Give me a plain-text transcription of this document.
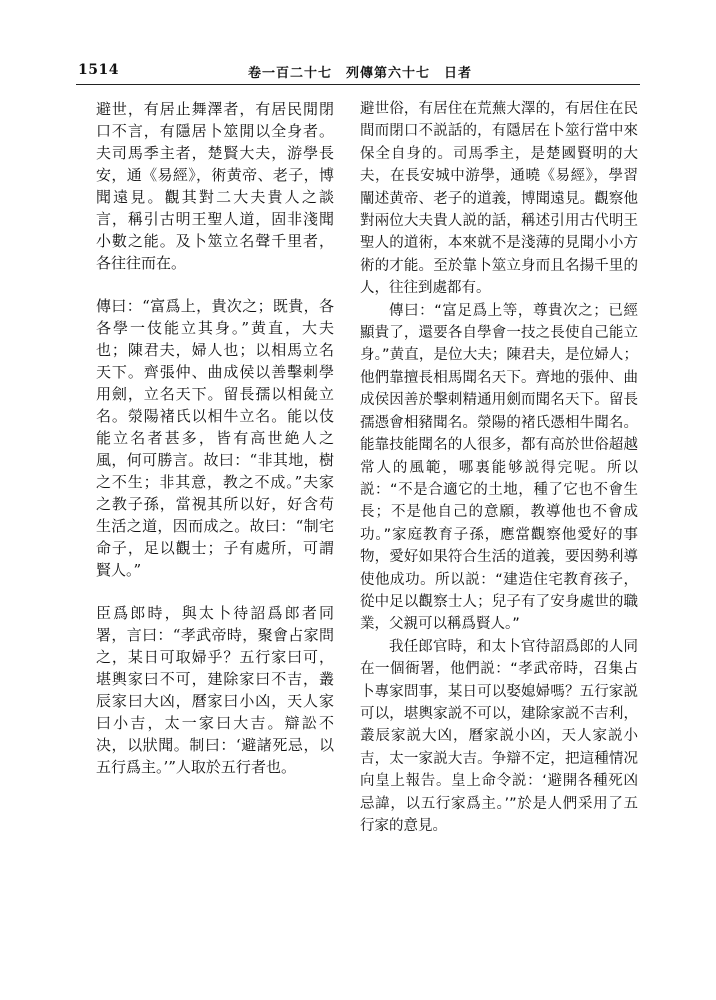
1514	卷一百二十七　列傳第六十七　日者

避世，有居止舞澤者，有居民閒閉口不言，有隱居卜筮閒以全身者。夫司馬季主者，楚賢大夫，游學長安，通《易經》，術黄帝、老子，博聞遠見。觀其對二大夫貴人之談言，稱引古明王聖人道，固非淺聞小數之能。及卜筮立名聲千里者，各往往而在。

傳曰：“富爲上，貴次之；既貴，各各學一伎能立其身。”黄直，大夫也；陳君夫，婦人也；以相馬立名天下。齊張仲、曲成侯以善擊刺學用劍，立名天下。留長孺以相彘立名。滎陽褚氏以相牛立名。能以伎能立名者甚多，皆有高世絶人之風，何可勝言。故曰：“非其地，樹之不生；非其意，教之不成。”夫家之教子孫，當視其所以好，好含苟生活之道，因而成之。故曰：“制宅命子，足以觀士；子有處所，可謂賢人。”

臣爲郎時，與太卜待詔爲郎者同署，言曰：“孝武帝時，聚會占家問之，某日可取婦乎？五行家曰可，堪輿家曰不可，建除家曰不吉，叢辰家曰大凶，曆家曰小凶，天人家曰小吉，太一家曰大吉。辯訟不决，以狀聞。制曰：‘避諸死忌，以五行爲主。’”人取於五行者也。

避世俗，有居住在荒蕪大澤的，有居住在民間而閉口不説話的，有隱居在卜筮行當中來保全自身的。司馬季主，是楚國賢明的大夫，在長安城中游學，通曉《易經》，學習闡述黄帝、老子的道義，博聞遠見。觀察他對兩位大夫貴人説的話，稱述引用古代明王聖人的道術，本來就不是淺薄的見聞小小方術的才能。至於靠卜筮立身而且名揚千里的人，往往到處都有。

傳曰：“富足爲上等，尊貴次之；已經顯貴了，還要各自學會一技之長使自己能立身。”黄直，是位大夫；陳君夫，是位婦人；他們靠擅長相馬聞名天下。齊地的張仲、曲成侯因善於擊刺精通用劍而聞名天下。留長孺憑會相豬聞名。滎陽的褚氏憑相牛聞名。能靠技能聞名的人很多，都有高於世俗超越常人的風範，哪裏能够説得完呢。所以説：“不是合適它的土地，種了它也不會生長；不是他自己的意願，教導他也不會成功。”家庭教育子孫，應當觀察他愛好的事物，愛好如果符合生活的道義，要因勢利導使他成功。所以説：“建造住宅教育孩子，從中足以觀察士人；兒子有了安身處世的職業，父親可以稱爲賢人。”

我任郎官時，和太卜官待詔爲郎的人同在一個衙署，他們説：“孝武帝時，召集占卜專家問事，某日可以娶媳婦嗎？五行家説可以，堪輿家説不可以，建除家説不吉利，叢辰家説大凶，曆家説小凶，天人家説小吉，太一家説大吉。争辯不定，把這種情况向皇上報告。皇上命令説：‘避開各種死凶忌諱，以五行家爲主。’”於是人們采用了五行家的意見。
